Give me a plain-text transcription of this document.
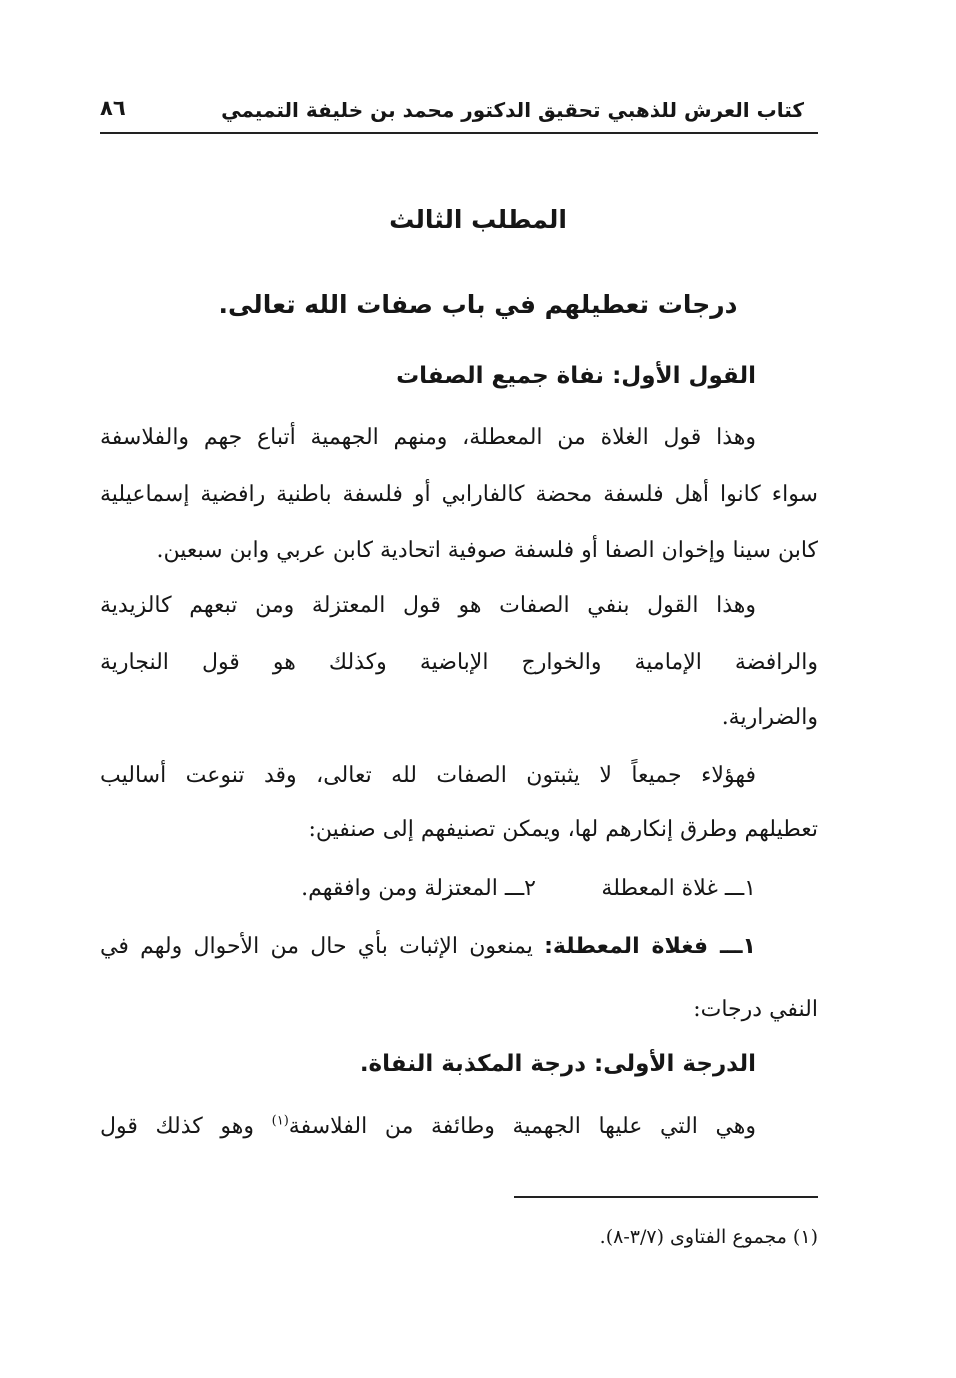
كتاب العرش للذهبي تحقيق الدكتور محمد بن خليفة التميمي
٨٦
المطلب الثالث
درجات تعطيلهم في باب صفات الله تعالى.
القول الأول: نفاة جميع الصفات
وهذا قول الغلاة من المعطلة، ومنهم الجهمية أتباع جهم والفلاسفة
سواء كانوا أهل فلسفة محضة كالفارابي أو فلسفة باطنية رافضية إسماعيلية
كابن سينا وإخوان الصفا أو فلسفة صوفية اتحادية كابن عربي وابن سبعين.
وهذا القول بنفي الصفات هو قول المعتزلة ومن تبعهم كالزيدية
والرافضة الإمامية والخوارج الإباضية وكذلك هو قول النجارية
والضرارية.
فهؤلاء جميعاً لا يثبتون الصفات لله تعالى، وقد تنوعت أساليب
تعطيلهم وطرق إنكارهم لها، ويمكن تصنيفهم إلى صنفين:
١ـــ غلاة المعطلة
٢ـــ المعتزلة ومن وافقهم.
١ـــ فغلاة المعطلة: يمنعون الإثبات بأي حال من الأحوال ولهم في
النفي درجات:
الدرجة الأولى: درجة المكذبة النفاة.
وهي التي عليها الجهمية وطائفة من الفلاسفة$^{(١)}$ وهو كذلك قول
(١) مجموع الفتاوى (٣/٧-٨).
